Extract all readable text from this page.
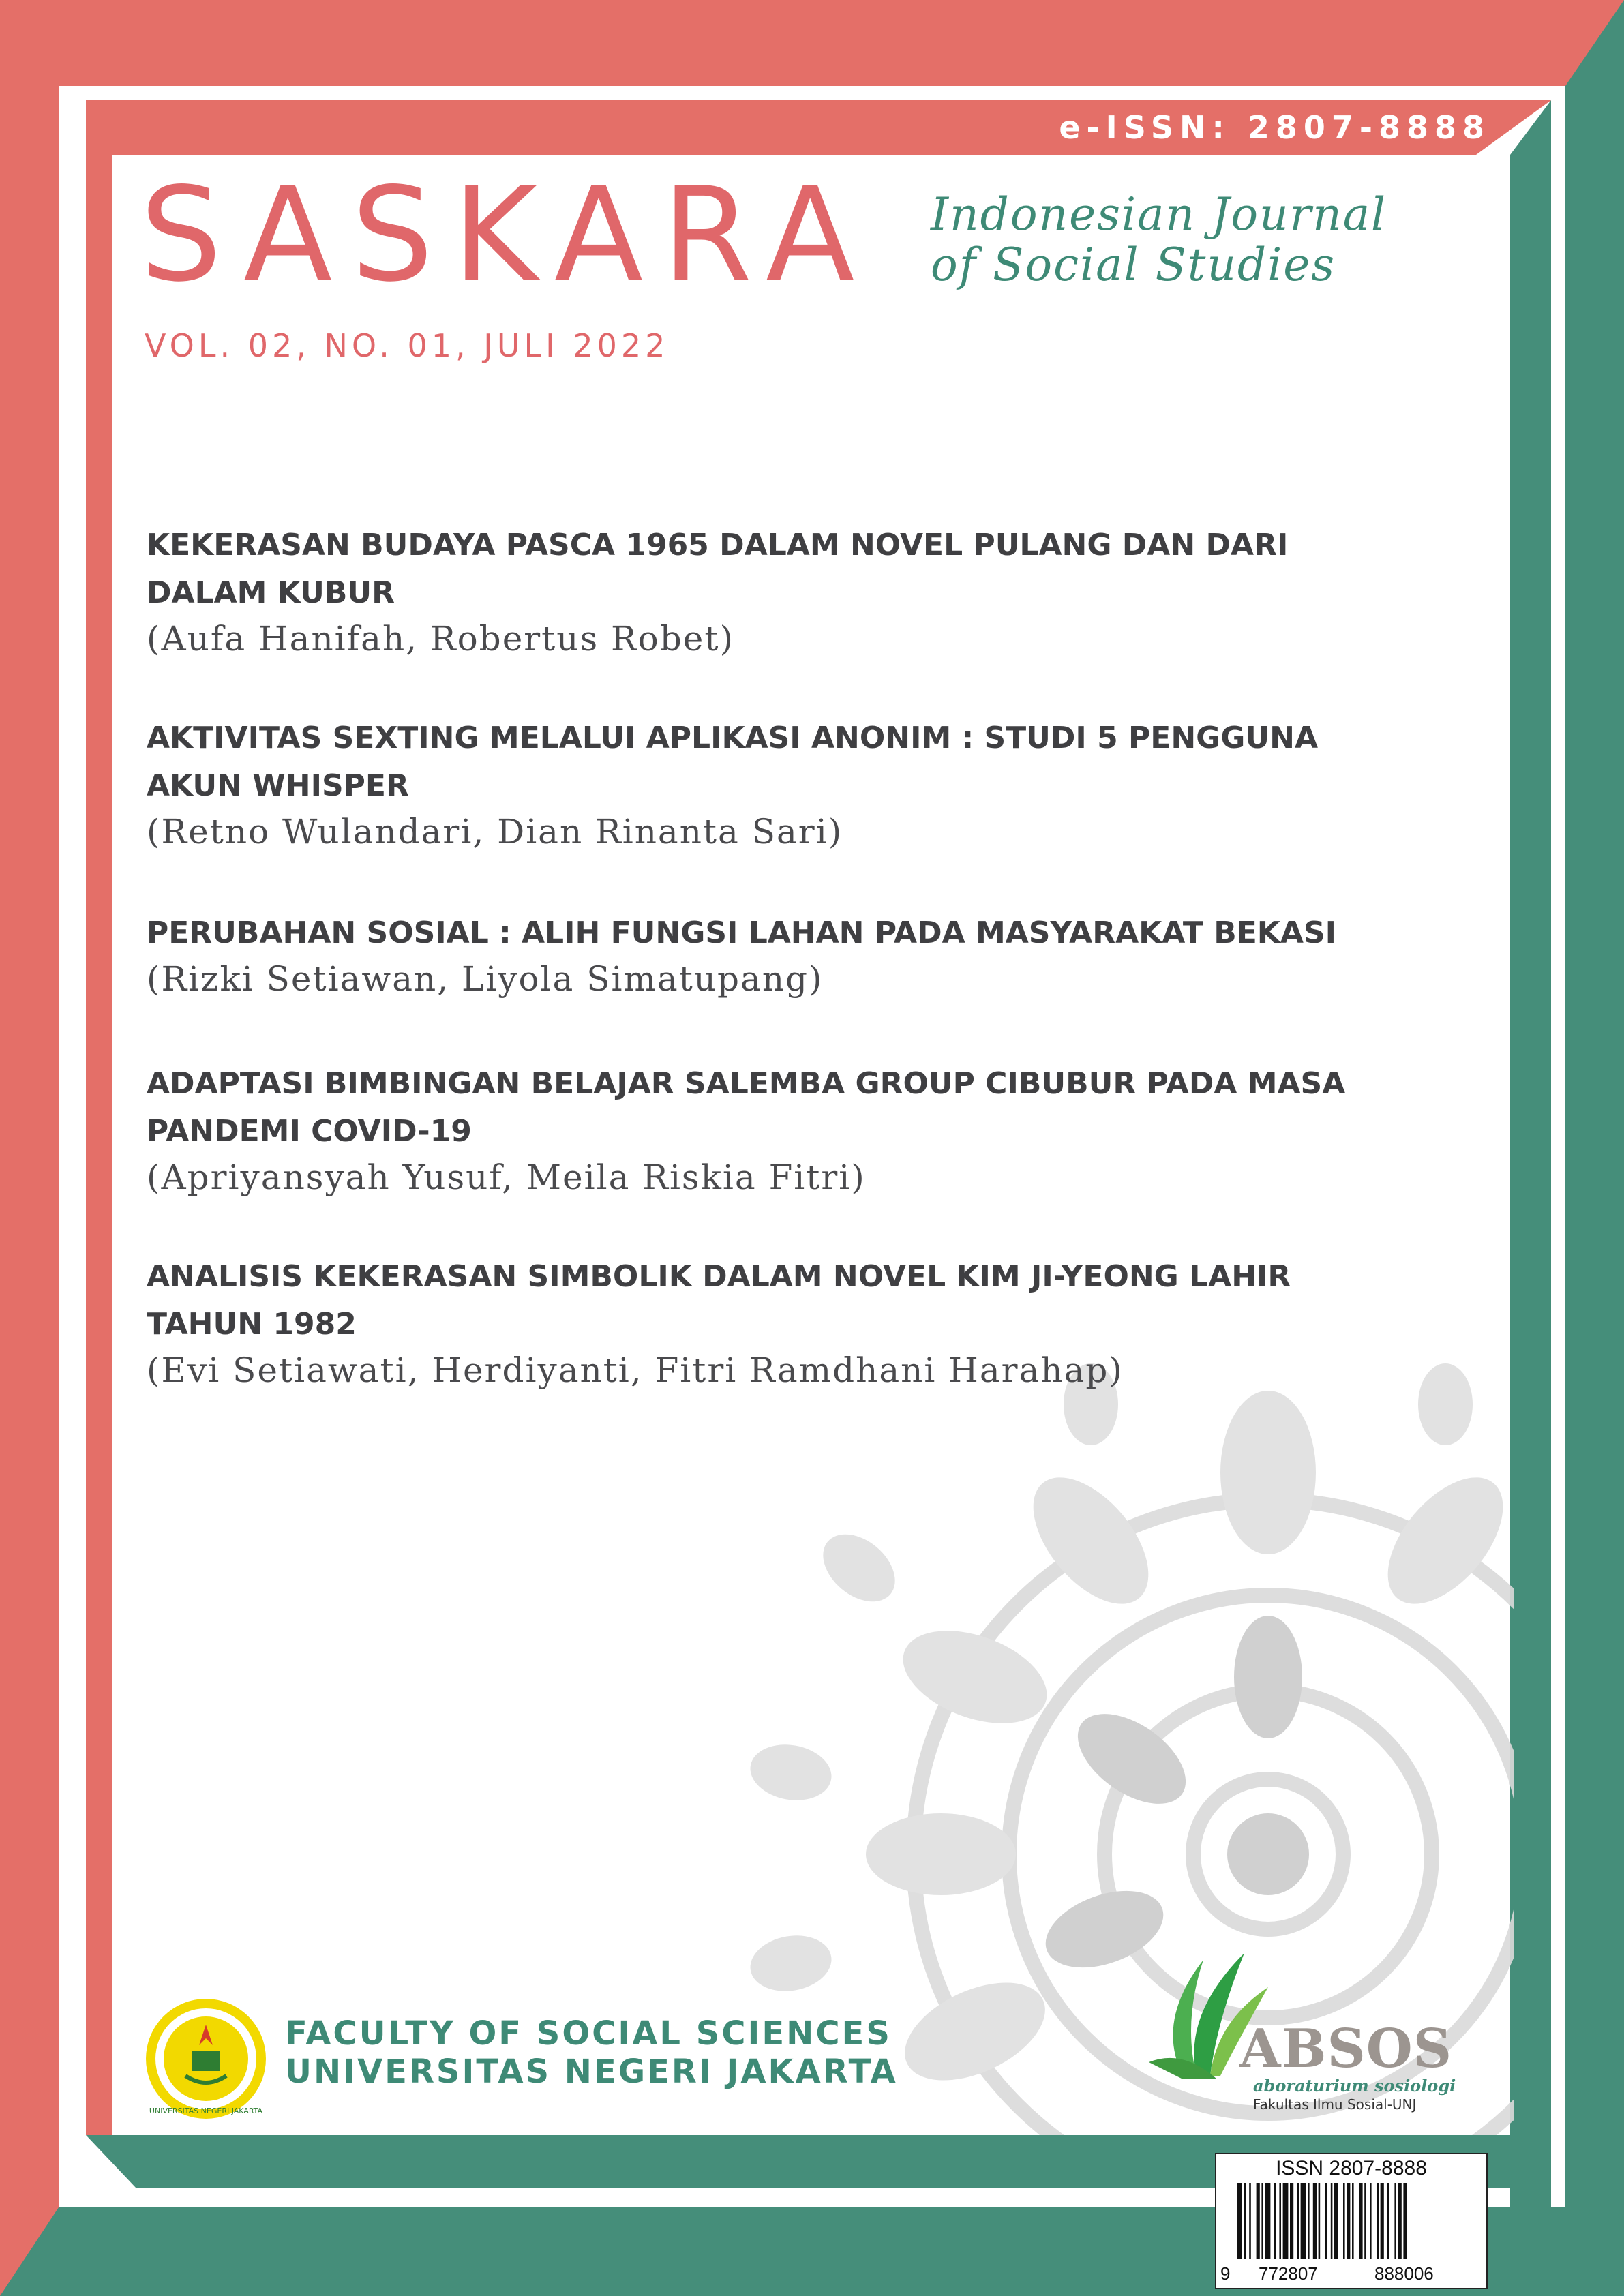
e-ISSN: 2807-8888
SASKARA Indonesian Journal
of Social Studies
VOL. 02, NO. 01, JULI 2022

KEKERASAN BUDAYA PASCA 1965 DALAM NOVEL PULANG DAN DARI

DALAM KUBUR

(Aufa Hanifah, Robertus Robet)

AKTIVITAS SEXTING MELALUI APLIKASI ANONIM : STUDI 5 PENGGUNA

AKUN WHISPER

(Retno Wulandari, Dian Rinanta Sari)

PERUBAHAN SOSIAL : ALIH FUNGSI LAHAN PADA MASYARAKAT BEKASI

(Rizki Setiawan, Liyola Simatupang)

ADAPTASI BIMBINGAN BELAJAR SALEMBA GROUP CIBUBUR PADA MASA

PANDEMI COVID-19

(Apriyansyah Yusuf, Meila Riskia Fitri)

ANALISIS KEKERASAN SIMBOLIK DALAM NOVEL KIM JI-YEONG LAHIR

TAHUN 1982

(Evi Setiawati, Herdiyanti, Fitri Ramdhani Harahap)

UNIVERSITAS NEGERI JAKARTA
FACULTY OF SOCIAL SCIENCES
UNIVERSITAS NEGERI JAKARTA	ABSOS
aboraturium sosiologi
Fakultas Ilmu Sosial-UNJ
ISSN 2807-8888
9 772807	888006
